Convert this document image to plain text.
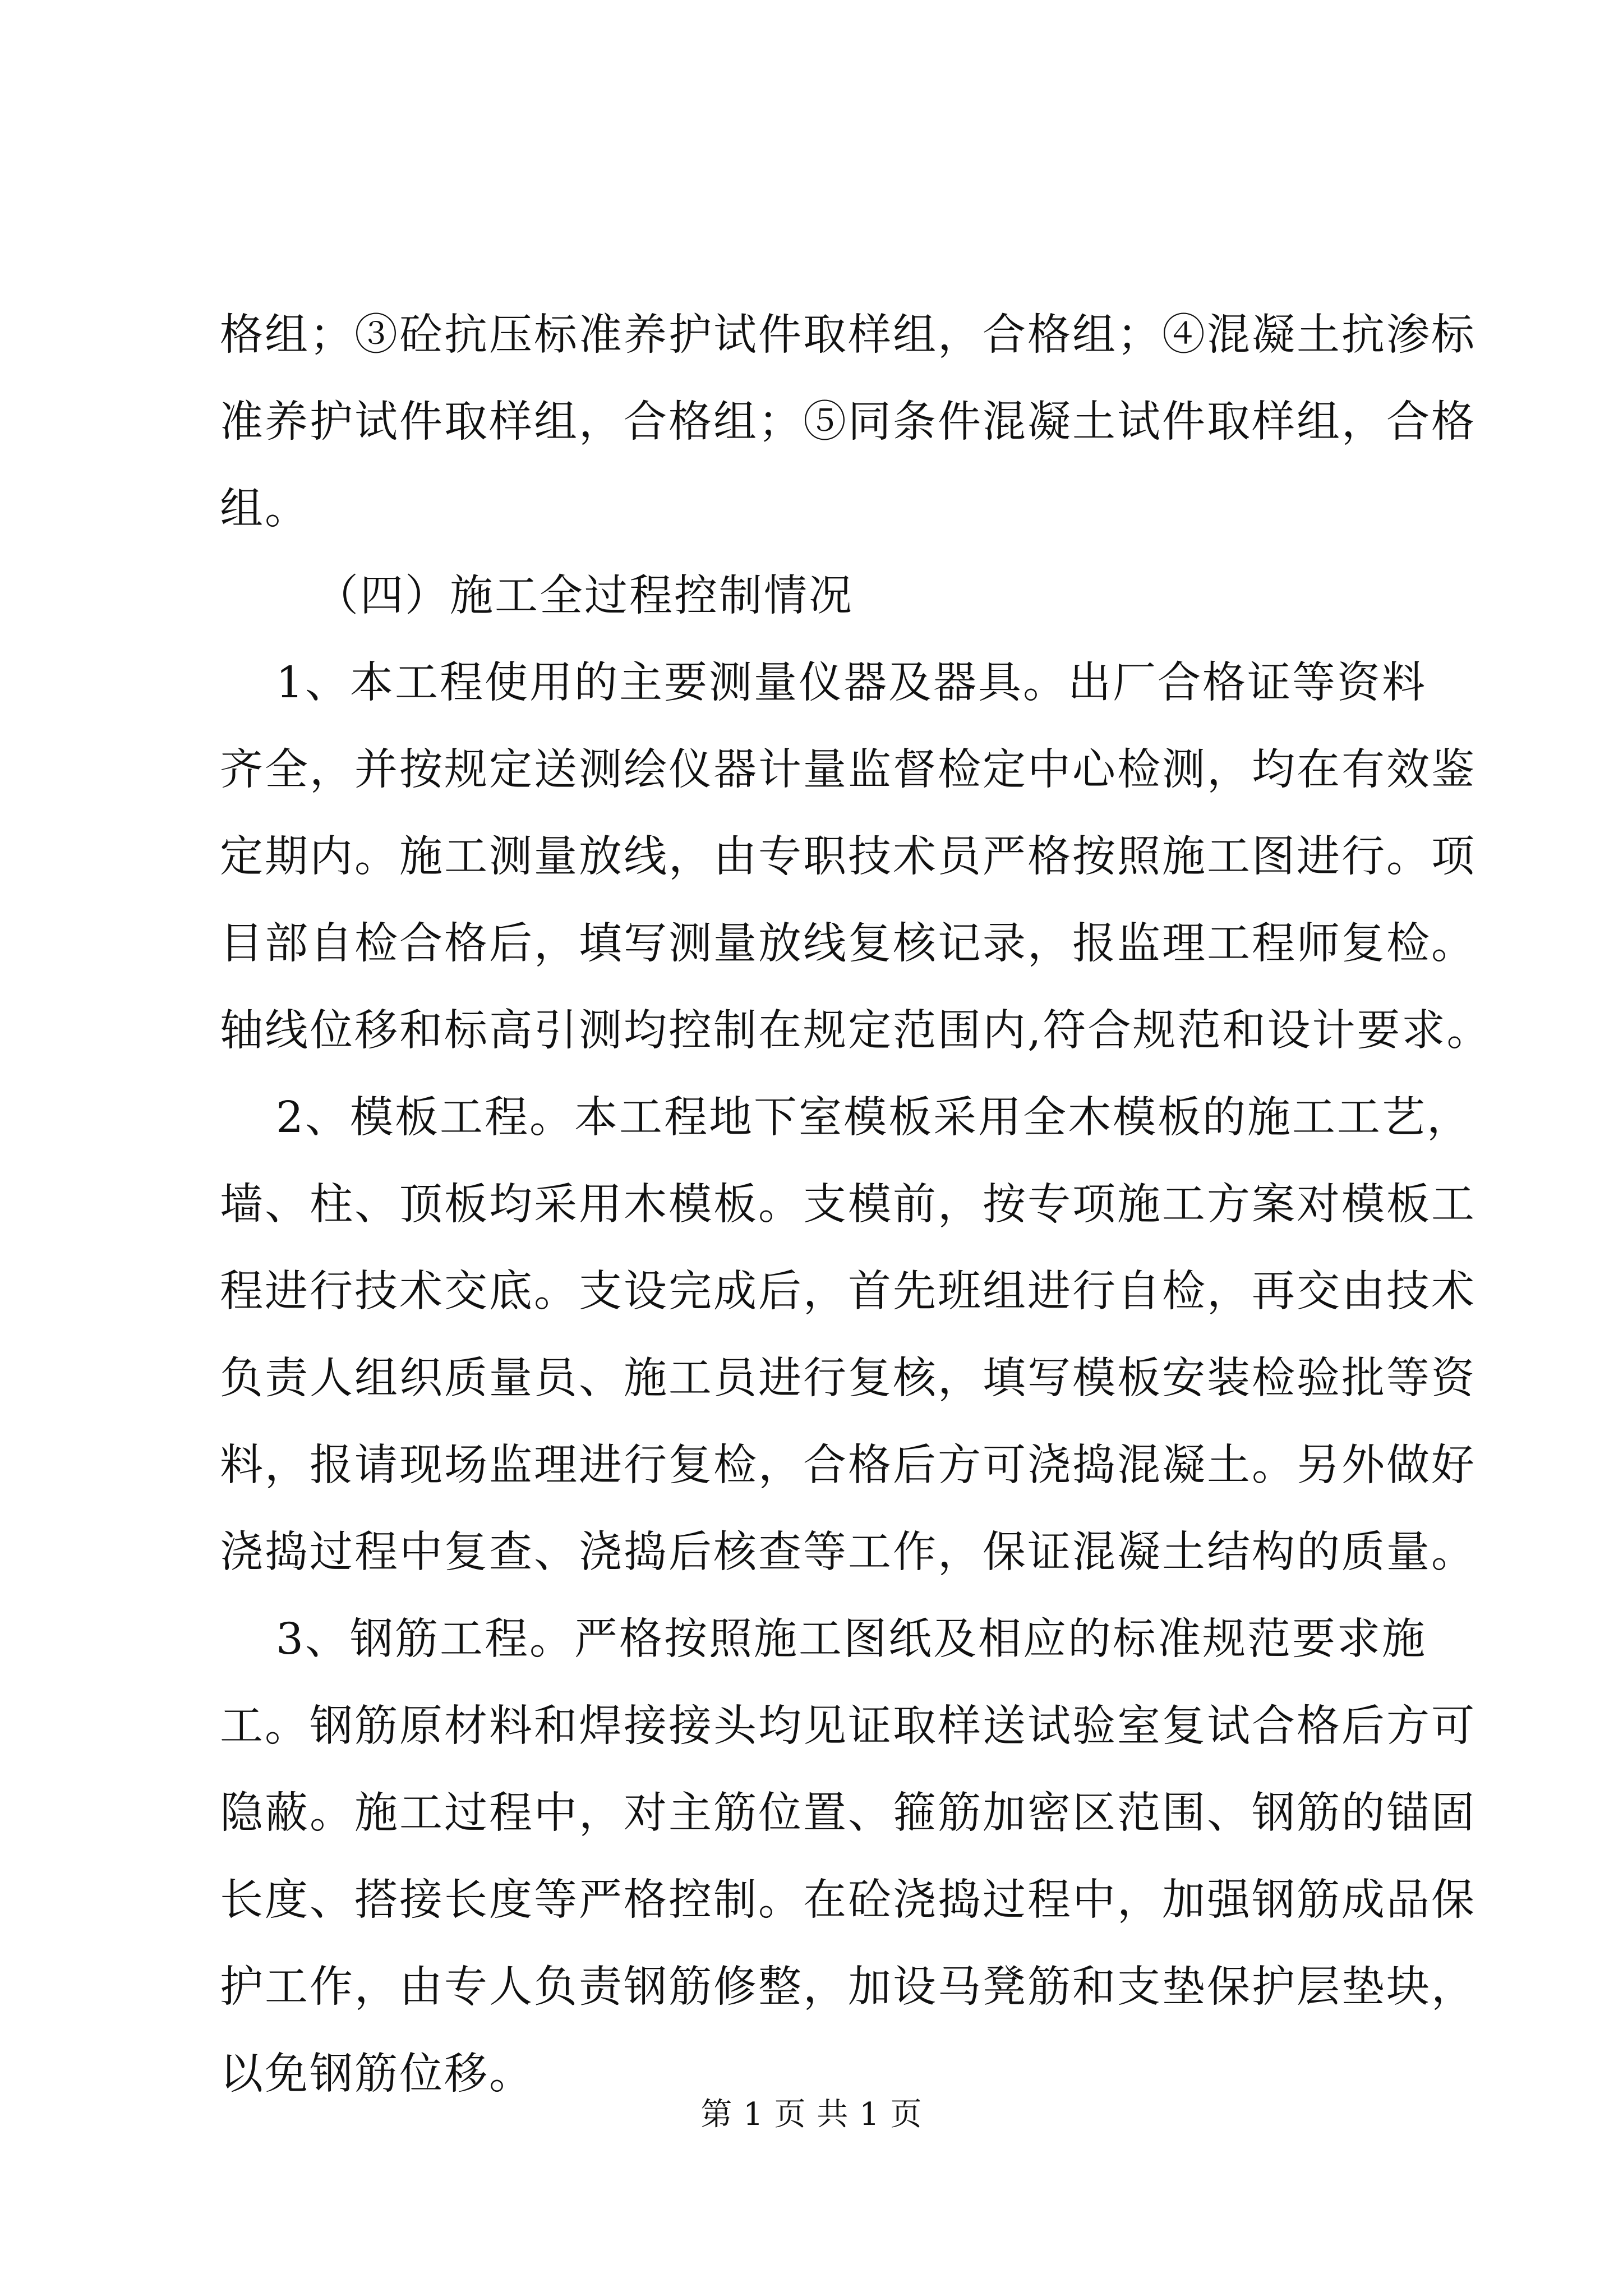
格组；③砼抗压标准养护试件取样组，合格组；④混凝土抗渗标
准养护试件取样组，合格组；⑤同条件混凝土试件取样组，合格
组。
（四）施工全过程控制情况
1、本工程使用的主要测量仪器及器具。出厂合格证等资料
齐全，并按规定送测绘仪器计量监督检定中心检测，均在有效鉴
定期内。施工测量放线，由专职技术员严格按照施工图进行。项
目部自检合格后，填写测量放线复核记录，报监理工程师复检。
轴线位移和标高引测均控制在规定范围内,符合规范和设计要求。
2、模板工程。本工程地下室模板采用全木模板的施工工艺，
墙、柱、顶板均采用木模板。支模前，按专项施工方案对模板工
程进行技术交底。支设完成后，首先班组进行自检，再交由技术
负责人组织质量员、施工员进行复核，填写模板安装检验批等资
料，报请现场监理进行复检，合格后方可浇捣混凝土。另外做好
浇捣过程中复查、浇捣后核查等工作，保证混凝土结构的质量。
3、钢筋工程。严格按照施工图纸及相应的标准规范要求施
工。钢筋原材料和焊接接头均见证取样送试验室复试合格后方可
隐蔽。施工过程中，对主筋位置、箍筋加密区范围、钢筋的锚固
长度、搭接长度等严格控制。在砼浇捣过程中，加强钢筋成品保
护工作，由专人负责钢筋修整，加设马凳筋和支垫保护层垫块，
以免钢筋位移。
第 1 页 共 1 页
